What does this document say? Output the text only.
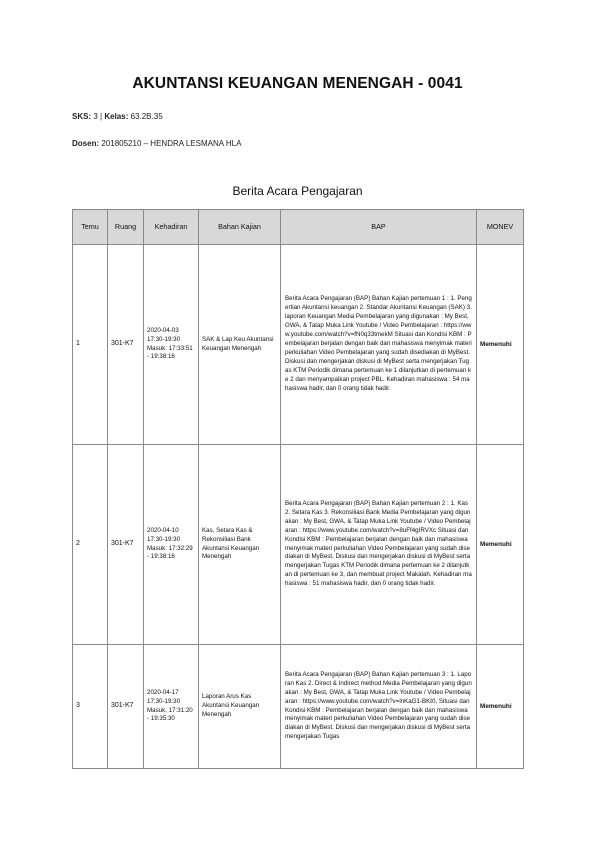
AKUNTANSI KEUANGAN MENENGAH - 0041
SKS: 3 | Kelas: 63.2B.35
Dosen: 201805210 – HENDRA LESMANA HLA
Berita Acara Pengajaran
Temu	Ruang	Kehadiran	Bahan Kajian	BAP	MONEV
1	301-K7	2020-04-03 17:30-19:30 Masuk: 17:33:51 - 19:38:16	SAK & Lap Keu Akuntansi Keuangan Menengah	Berita Acara Pengajaran (BAP) Bahan Kajian pertemuan 1 : 1. Pengertian Akuntansi keuangan 2. Standar Akuntansi Keuangan (SAK) 3. laporan Keuangan Media Pembelajaran yang digunakan : My Best, GWA, & Tatap Muka Link Youtube / Video Pembelajaran : https://www.youtube.com/watch?v=fN0q33tmekM Situasi dan Kondisi KBM : Pembelajaran berjalan dengan baik dan mahasiswa menyimak materi perkuliahan Video Pembelajaran yang sudah disediakan di MyBest. Diskusi dan mengerjakan diskusi di MyBest serta mengerjakan Tugas KTM Periodik dimana pertemuan ke 1 dilanjutkan di pertemuan ke 2 dan menyampaikan project PBL. Kehadiran mahasiswa : 54 mahasiswa hadir, dan 0 orang tidak hadir.	Memenuhi
2	301-K7	2020-04-10 17:30-19:30 Masuk: 17:32:29 - 19:38:16	Kas, Setara Kas & Rekonsiliasi Bank Akuntansi Keuangan Menengah	Berita Acara Pengajaran (BAP) Bahan Kajian pertemuan 2 : 1. Kas 2. Setara Kas 3. Rekonsiliasi Bank Media Pembelajaran yang digunakan : My Best, GWA, & Tatap Muka Link Youtube / Video Pembelajaran : https://www.youtube.com/watch?v=8uFf4gIRVXc Situasi dan Kondisi KBM : Pembelajaran berjalan dengan baik dan mahasiswa menyimak materi perkuliahan Video Pembelajaran yang sudah disediakan di MyBest. Diskusi dan mengerjakan diskusi di MyBest serta mengerjakan Tugas KTM Periodik dimana pertemuan ke 2 dilanjutkan di pertemuan ke 3, dan membuat project Makalah. Kehadiran mahasiswa : 51 mahasiswa hadir, dan 0 orang tidak hadir.	Memenuhi
3	301-K7	2020-04-17 17:30-19:30 Masuk: 17:31:20 - 19:35:30	Laporan Arus Kas Akuntansi Keuangan Menengah	Berita Acara Pengajaran (BAP) Bahan Kajian pertemuan 3 : 1. Laporan Kas 2. Direct & Indirect method Media Pembelajaran yang digunakan : My Best, GWA, & Tatap Muka Link Youtube / Video Pembelajaran : https://www.youtube.com/watch?v=lnKaG1-BKt0, Situasi dan Kondisi KBM : Pembelajaran berjalan dengan baik dan mahasiswa menyimak materi perkuliahan Video Pembelajaran yang sudah disediakan di MyBest. Diskusi dan mengerjakan diskusi di MyBest serta mengerjakan Tugas	Memenuhi
